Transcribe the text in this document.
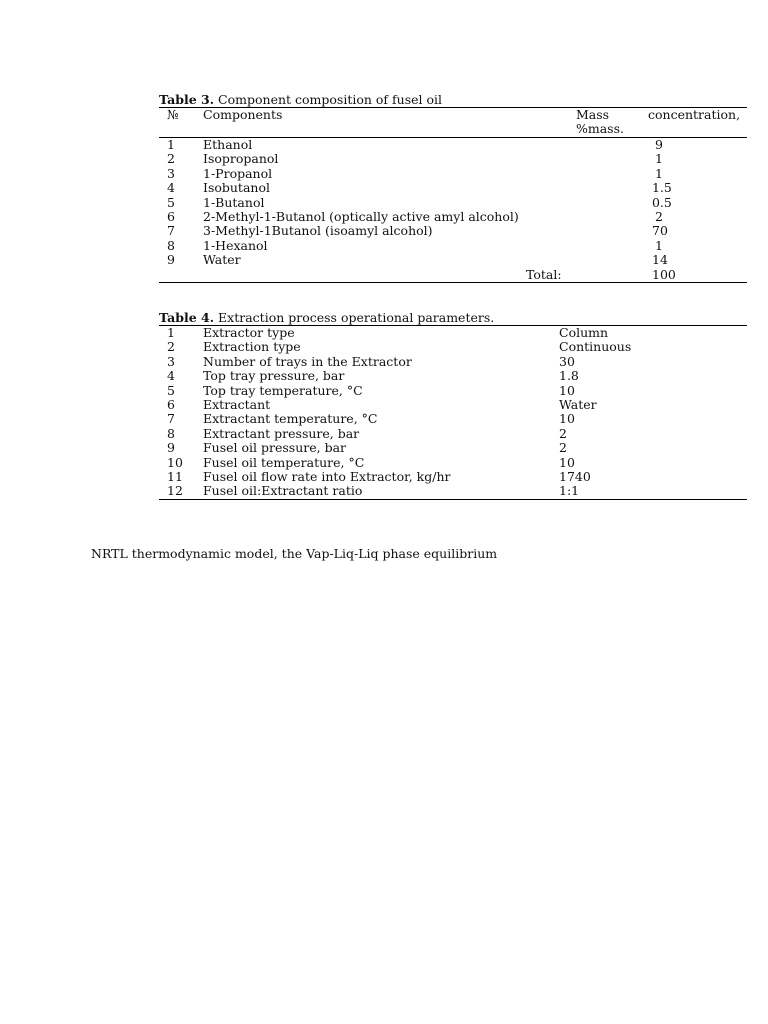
Table 3. Component composition of fusel oil

№ Components	Mass	concentration,
%mass.
1 Ethanol	9
2 Isopropanol	1
3 1-Propanol	1
4 Isobutanol	1.5
5 1-Butanol	0.5
6 2-Methyl-1-Butanol (optically active amyl alcohol)	2
7 3-Methyl-1Butanol (isoamyl alcohol)	70
8 1-Hexanol	1
9 Water	14
Total:	100

Table 4. Extraction process operational parameters.

1 Extractor type	Column
2 Extraction type	Continuous
3 Number of trays in the Extractor	30
4 Top tray pressure, bar	1.8
5 Top tray temperature, °C	10
6 Extractant	Water
7 Extractant temperature, °C	10
8 Extractant pressure, bar	2
9 Fusel oil pressure, bar	2
10 Fusel oil temperature, °C	10
11 Fusel oil flow rate into Extractor, kg/hr	1740
12 Fusel oil:Extractant ratio	1:1

NRTL thermodynamic model, the Vap-Liq-Liq phase equilibrium
